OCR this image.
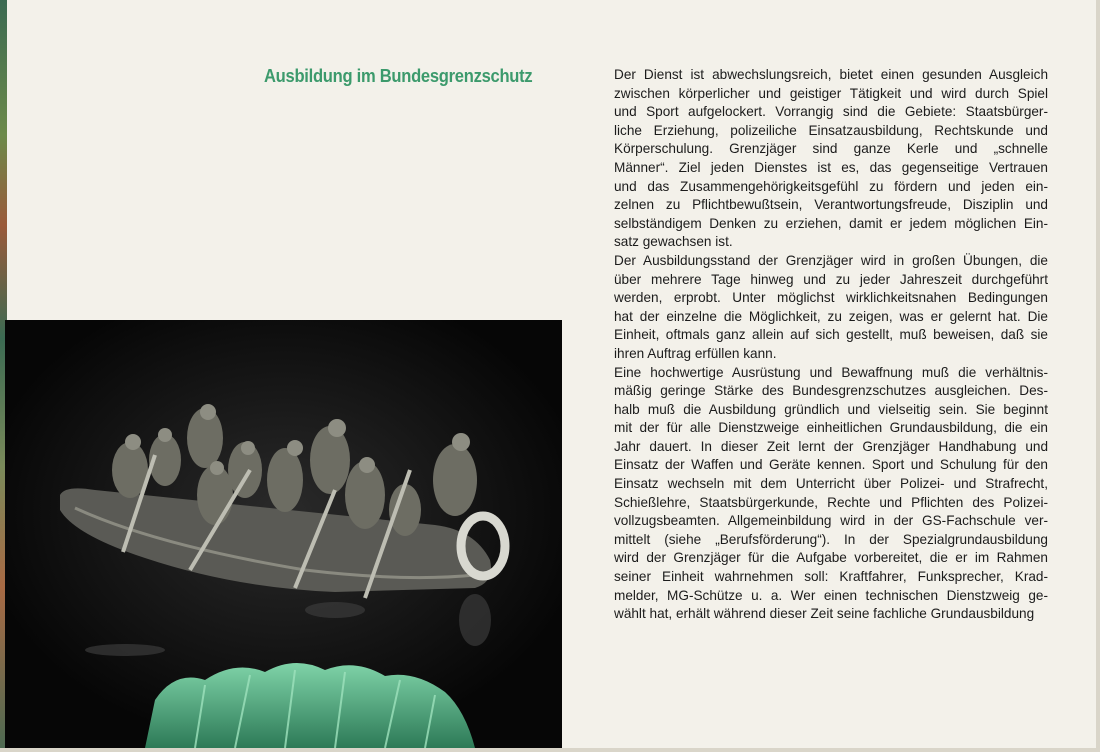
Ausbildung im Bundesgrenzschutz	Der Dienst ist abwechslungsreich, bietet einen gesunden Ausgleich
zwischen körperlicher und geistiger Tätigkeit und wird durch Spiel
und Sport aufgelockert. Vorrangig sind die Gebiete: Staatsbürger-
liche Erziehung, polizeiliche Einsatzausbildung, Rechtskunde und
Körperschulung. Grenzjäger sind ganze Kerle und „schnelle
Männer“. Ziel jeden Dienstes ist es, das gegenseitige Vertrauen
und das Zusammengehörigkeitsgefühl zu fördern und jeden ein-
zelnen zu Pflichtbewußtsein, Verantwortungsfreude, Disziplin und
selbständigem Denken zu erziehen, damit er jedem möglichen Ein-
satz gewachsen ist.
Der Ausbildungsstand der Grenzjäger wird in großen Übungen, die
über mehrere Tage hinweg und zu jeder Jahreszeit durchgeführt
werden, erprobt. Unter möglichst wirklichkeitsnahen Bedingungen
hat der einzelne die Möglichkeit, zu zeigen, was er gelernt hat. Die
Einheit, oftmals ganz allein auf sich gestellt, muß beweisen, daß sie
ihren Auftrag erfüllen kann.
Eine hochwertige Ausrüstung und Bewaffnung muß die verhältnis-
mäßig geringe Stärke des Bundesgrenzschutzes ausgleichen. Des-
halb muß die Ausbildung gründlich und vielseitig sein. Sie beginnt
mit der für alle Dienstzweige einheitlichen Grundausbildung, die ein
Jahr dauert. In dieser Zeit lernt der Grenzjäger Handhabung und
Einsatz der Waffen und Geräte kennen. Sport und Schulung für den
Einsatz wechseln mit dem Unterricht über Polizei- und Strafrecht,
Schießlehre, Staatsbürgerkunde, Rechte und Pflichten des Polizei-
vollzugsbeamten. Allgemeinbildung wird in der GS-Fachschule ver-
mittelt (siehe „Berufsförderung“). In der Spezialgrundausbildung
wird der Grenzjäger für die Aufgabe vorbereitet, die er im Rahmen
seiner Einheit wahrnehmen soll: Kraftfahrer, Funksprecher, Krad-
melder, MG-Schütze u. a. Wer einen technischen Dienstzweig ge-
wählt hat, erhält während dieser Zeit seine fachliche Grundausbildung
